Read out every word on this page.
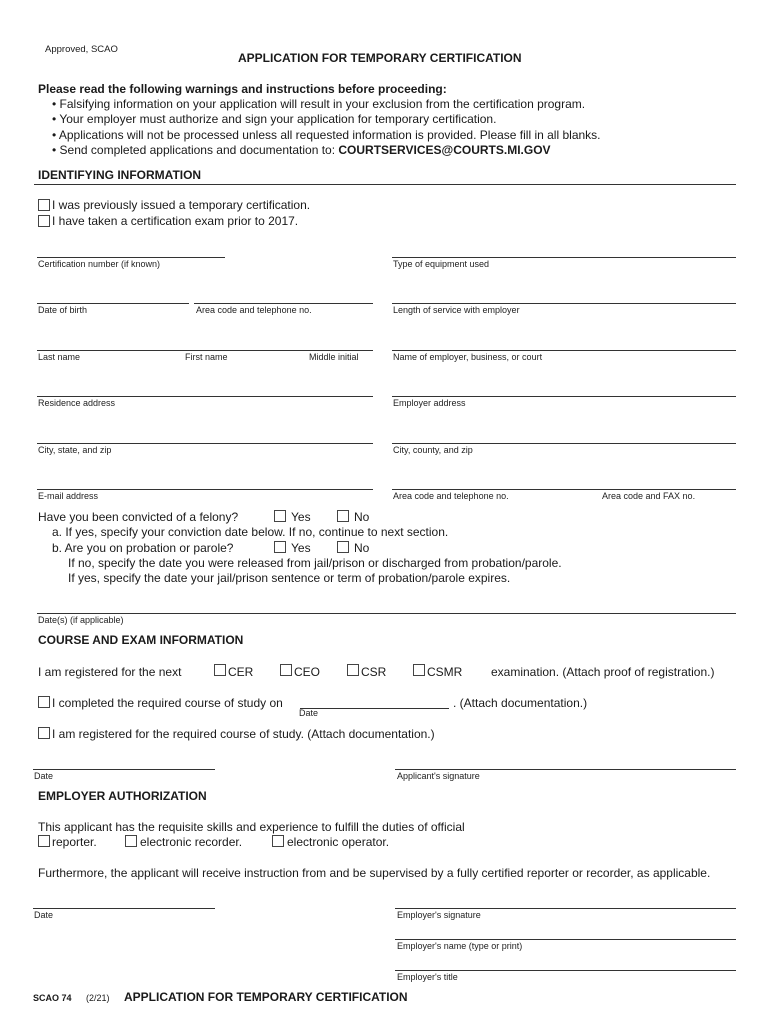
Approved, SCAO
APPLICATION FOR TEMPORARY CERTIFICATION
Please read the following warnings and instructions before proceeding:
• Falsifying information on your application will result in your exclusion from the certification program.
• Your employer must authorize and sign your application for temporary certification.
• Applications will not be processed unless all requested information is provided. Please fill in all blanks.
• Send completed applications and documentation to: COURTSERVICES@COURTS.MI.GOV
IDENTIFYING INFORMATION
I was previously issued a temporary certification.
I have taken a certification exam prior to 2017.
Certification number (if known)	Type of equipment used
Date of birth	Area code and telephone no.	Length of service with employer
Last name	First name	Middle initial	Name of employer, business, or court
Residence address	Employer address
City, state, and zip	City, county, and zip
E-mail address	Area code and telephone no.	Area code and FAX no.
Have you been convicted of a felony?	Yes	No
a. If yes, specify your conviction date below. If no, continue to next section.
b. Are you on probation or parole?	Yes	No
If no, specify the date you were released from jail/prison or discharged from probation/parole.
If yes, specify the date your jail/prison sentence or term of probation/parole expires.
Date(s) (if applicable)
COURSE AND EXAM INFORMATION
I am registered for the next	CER	CEO	CSR	CSMR examination. (Attach proof of registration.)
I completed the required course of study on	. (Attach documentation.)
Date
I am registered for the required course of study. (Attach documentation.)
Date	Applicant's signature
EMPLOYER AUTHORIZATION
This applicant has the requisite skills and experience to fulfill the duties of official
reporter.	electronic recorder.	electronic operator.
Furthermore, the applicant will receive instruction from and be supervised by a fully certified reporter or recorder, as applicable.
Date	Employer's signature
Employer's name (type or print)
Employer's title
SCAO 74 (2/21) APPLICATION FOR TEMPORARY CERTIFICATION
